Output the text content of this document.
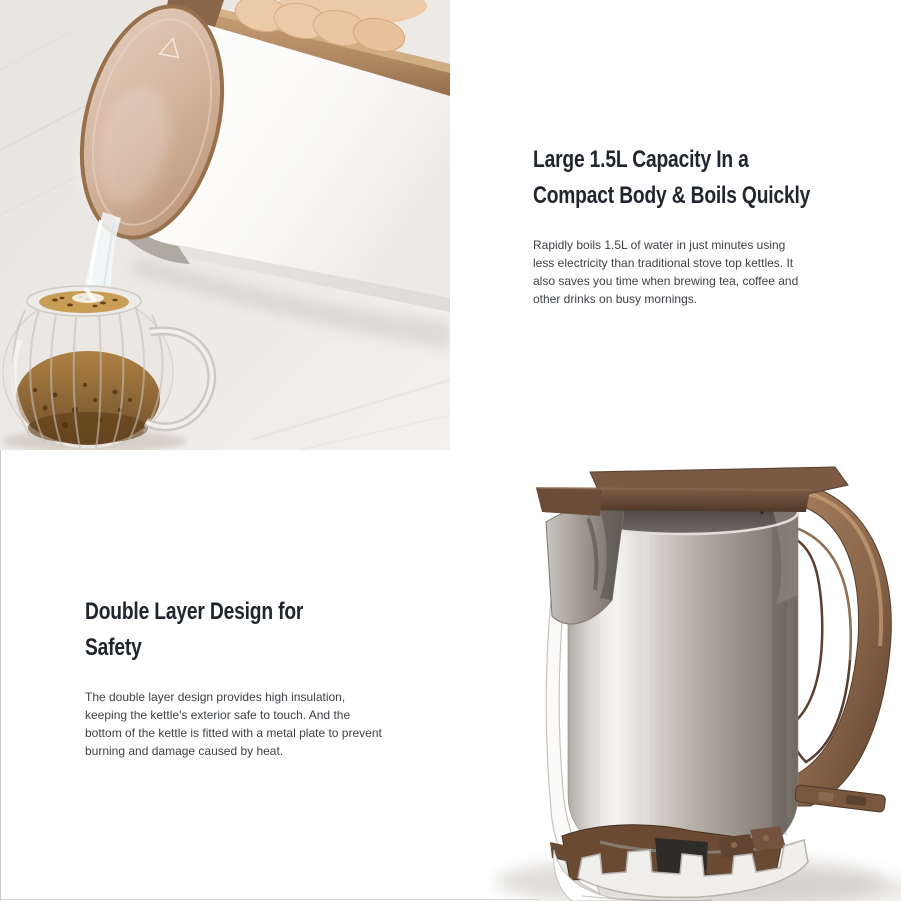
Large 1.5L Capacity In a
Compact Body & Boils Quickly

Rapidly boils 1.5L of water in just minutes using less electricity than traditional stove top kettles. It also saves you time when brewing tea, coffee and other drinks on busy mornings.

Double Layer Design for
Safety

The double layer design provides high insulation, keeping the kettle's exterior safe to touch. And the bottom of the kettle is fitted with a metal plate to prevent burning and damage caused by heat.
